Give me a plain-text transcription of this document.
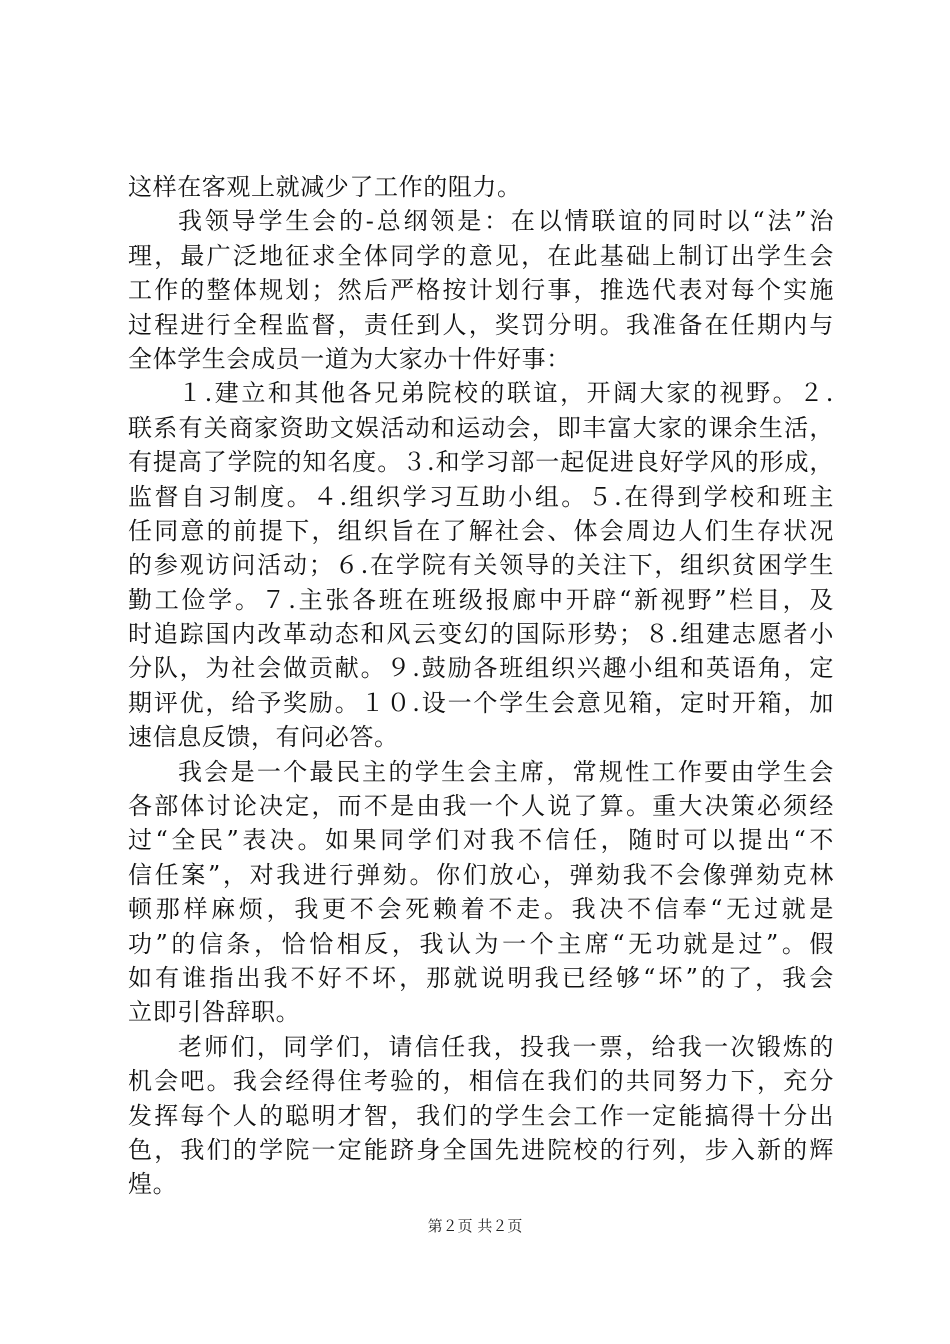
这样在客观上就减少了工作的阻力。
我领导学生会的-总纲领是：在以情联谊的同时以“法”治
理，最广泛地征求全体同学的意见，在此基础上制订出学生会
工作的整体规划；然后严格按计划行事，推选代表对每个实施
过程进行全程监督，责任到人，奖罚分明。我准备在任期内与
全体学生会成员一道为大家办十件好事：
１.建立和其他各兄弟院校的联谊，开阔大家的视野。２.
联系有关商家资助文娱活动和运动会，即丰富大家的课余生活，
有提高了学院的知名度。３.和学习部一起促进良好学风的形成，
监督自习制度。４.组织学习互助小组。５.在得到学校和班主
任同意的前提下，组织旨在了解社会、体会周边人们生存状况
的参观访问活动；６.在学院有关领导的关注下，组织贫困学生
勤工俭学。７.主张各班在班级报廊中开辟“新视野”栏目，及
时追踪国内改革动态和风云变幻的国际形势；８.组建志愿者小
分队，为社会做贡献。９.鼓励各班组织兴趣小组和英语角，定
期评优，给予奖励。１０.设一个学生会意见箱，定时开箱，加
速信息反馈，有问必答。
我会是一个最民主的学生会主席，常规性工作要由学生会
各部体讨论决定，而不是由我一个人说了算。重大决策必须经
过“全民”表决。如果同学们对我不信任，随时可以提出“不
信任案”，对我进行弹劾。你们放心，弹劾我不会像弹劾克林
顿那样麻烦，我更不会死赖着不走。我决不信奉“无过就是
功”的信条，恰恰相反，我认为一个主席“无功就是过”。假
如有谁指出我不好不坏，那就说明我已经够“坏”的了，我会
立即引咎辞职。
老师们，同学们，请信任我，投我一票，给我一次锻炼的
机会吧。我会经得住考验的，相信在我们的共同努力下，充分
发挥每个人的聪明才智，我们的学生会工作一定能搞得十分出
色，我们的学院一定能跻身全国先进院校的行列，步入新的辉
煌。
第２页 共２页
